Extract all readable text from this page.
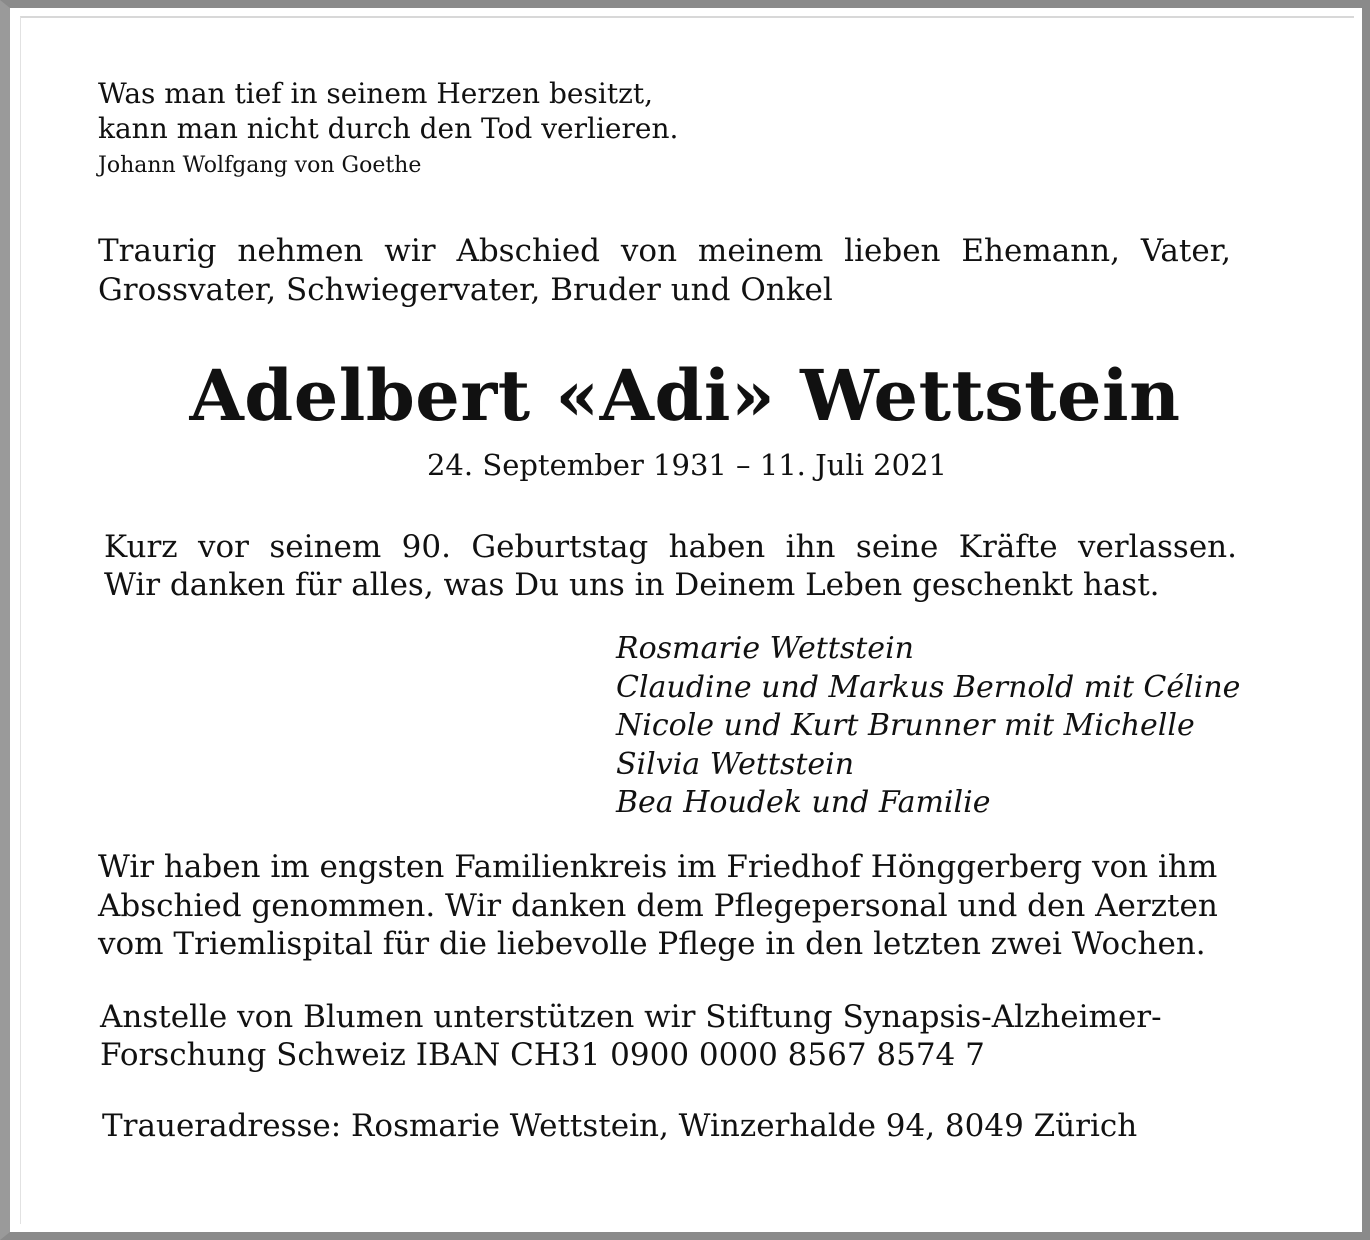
Was man tief in seinem Herzen besitzt,
kann man nicht durch den Tod verlieren.
Johann Wolfgang von Goethe
Traurig nehmen wir Abschied von meinem lieben Ehemann, Vater,
Grossvater, Schwiegervater, Bruder und Onkel
Adelbert «Adi» Wettstein
24. September 1931 – 11. Juli 2021
Kurz vor seinem 90. Geburtstag haben ihn seine Kräfte verlassen.
Wir danken für alles, was Du uns in Deinem Leben geschenkt hast.
Rosmarie Wettstein
Claudine und Markus Bernold mit Céline
Nicole und Kurt Brunner mit Michelle
Silvia Wettstein
Bea Houdek und Familie
Wir haben im engsten Familienkreis im Friedhof Hönggerberg von ihm
Abschied genommen. Wir danken dem Pflegepersonal und den Aerzten
vom Triemlispital für die liebevolle Pflege in den letzten zwei Wochen.
Anstelle von Blumen unterstützen wir Stiftung Synapsis-Alzheimer-
Forschung Schweiz IBAN CH31 0900 0000 8567 8574 7
Traueradresse: Rosmarie Wettstein, Winzerhalde 94, 8049 Zürich
